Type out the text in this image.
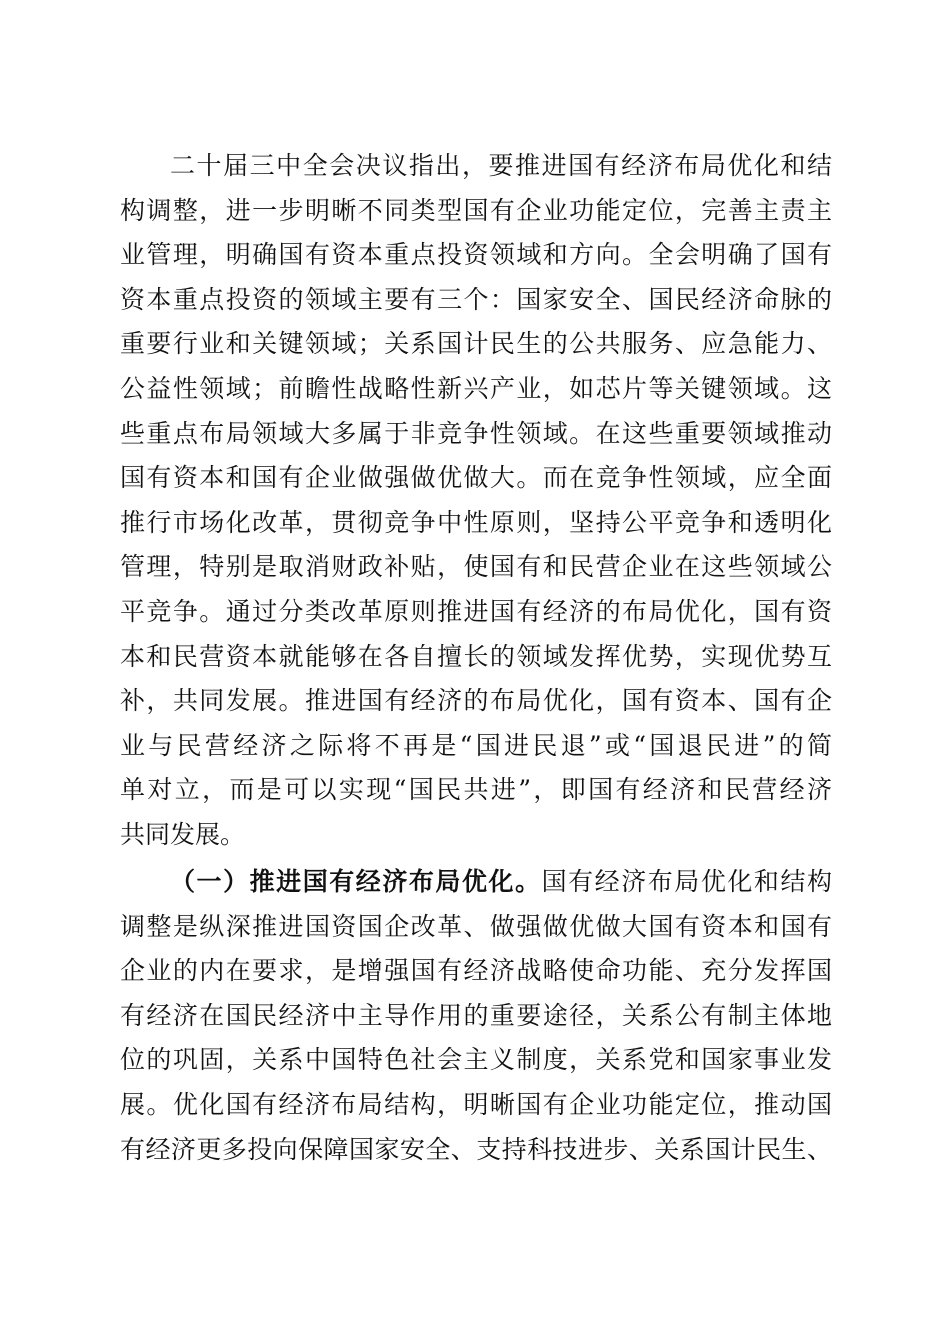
二十届三中全会决议指出，要推进国有经济布局优化和结
构调整，进一步明晰不同类型国有企业功能定位，完善主责主
业管理，明确国有资本重点投资领域和方向。全会明确了国有
资本重点投资的领域主要有三个：国家安全、国民经济命脉的
重要行业和关键领域；关系国计民生的公共服务、应急能力、
公益性领域；前瞻性战略性新兴产业，如芯片等关键领域。这
些重点布局领域大多属于非竞争性领域。在这些重要领域推动
国有资本和国有企业做强做优做大。而在竞争性领域，应全面
推行市场化改革，贯彻竞争中性原则，坚持公平竞争和透明化
管理，特别是取消财政补贴，使国有和民营企业在这些领域公
平竞争。通过分类改革原则推进国有经济的布局优化，国有资
本和民营资本就能够在各自擅长的领域发挥优势，实现优势互
补，共同发展。推进国有经济的布局优化，国有资本、国有企
业与民营经济之际将不再是“国进民退”或“国退民进”的简
单对立，而是可以实现“国民共进”，即国有经济和民营经济
共同发展。
（一）推进国有经济布局优化。国有经济布局优化和结构
调整是纵深推进国资国企改革、做强做优做大国有资本和国有
企业的内在要求，是增强国有经济战略使命功能、充分发挥国
有经济在国民经济中主导作用的重要途径，关系公有制主体地
位的巩固，关系中国特色社会主义制度，关系党和国家事业发
展。优化国有经济布局结构，明晰国有企业功能定位，推动国
有经济更多投向保障国家安全、支持科技进步、关系国计民生、
